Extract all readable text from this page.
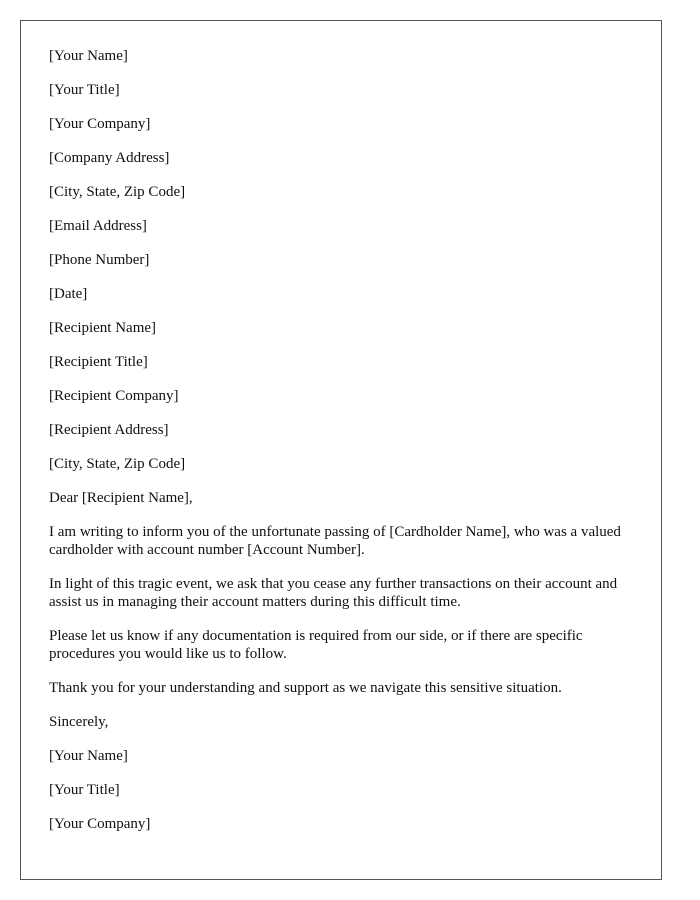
[Your Name]
[Your Title]
[Your Company]
[Company Address]
[City, State, Zip Code]
[Email Address]
[Phone Number]
[Date]
[Recipient Name]
[Recipient Title]
[Recipient Company]
[Recipient Address]
[City, State, Zip Code]
Dear [Recipient Name],

I am writing to inform you of the unfortunate passing of [Cardholder Name], who was a valued cardholder with account number [Account Number].

In light of this tragic event, we ask that you cease any further transactions on their account and assist us in managing their account matters during this difficult time.

Please let us know if any documentation is required from our side, or if there are specific procedures you would like us to follow.

Thank you for your understanding and support as we navigate this sensitive situation.

Sincerely,
[Your Name]
[Your Title]
[Your Company]
